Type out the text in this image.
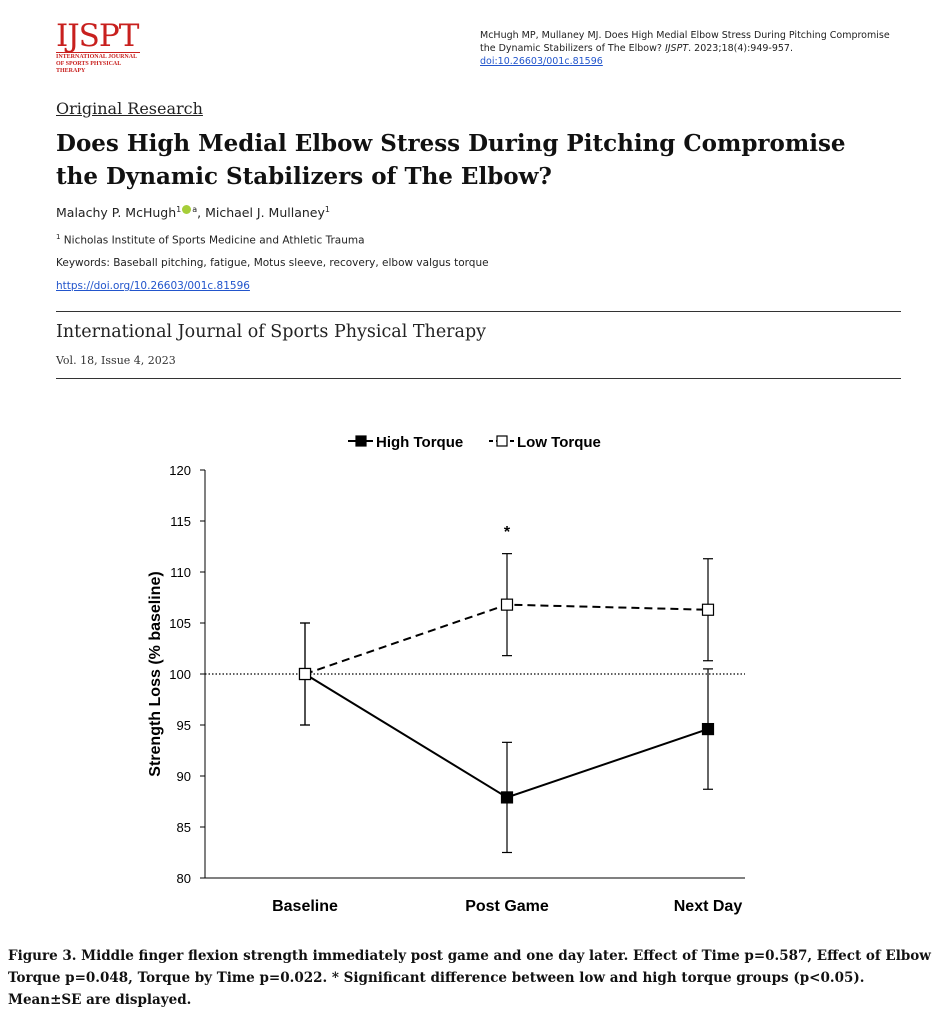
IJSPT
INTERNATIONAL JOURNAL OF SPORTS PHYSICAL THERAPY
McHugh MP, Mullaney MJ. Does High Medial Elbow Stress During Pitching Compromise
the Dynamic Stabilizers of The Elbow? IJSPT. 2023;18(4):949-957.
doi:10.26603/001c.81596
Original Research
Does High Medial Elbow Stress During Pitching Compromise the Dynamic Stabilizers of The Elbow?
Malachy P. McHugh$^1$ $^a$, Michael J. Mullaney$^1$
$^1$ Nicholas Institute of Sports Medicine and Athletic Trauma
Keywords: Baseball pitching, fatigue, Motus sleeve, recovery, elbow valgus torque
https://doi.org/10.26603/001c.81596
International Journal of Sports Physical Therapy
Vol. 18, Issue 4, 2023
High Torque	Low Torque
80
85
90
95
100
105
110
115
120
Strength Loss (% baseline)
Baseline	Post Game	Next Day
*
Figure 3. Middle finger flexion strength immediately post game and one day later. Effect of Time p=0.587, Effect of Elbow Torque p=0.048, Torque by Time p=0.022. * Significant difference between low and high torque groups (p<0.05). Mean±SE are displayed.
